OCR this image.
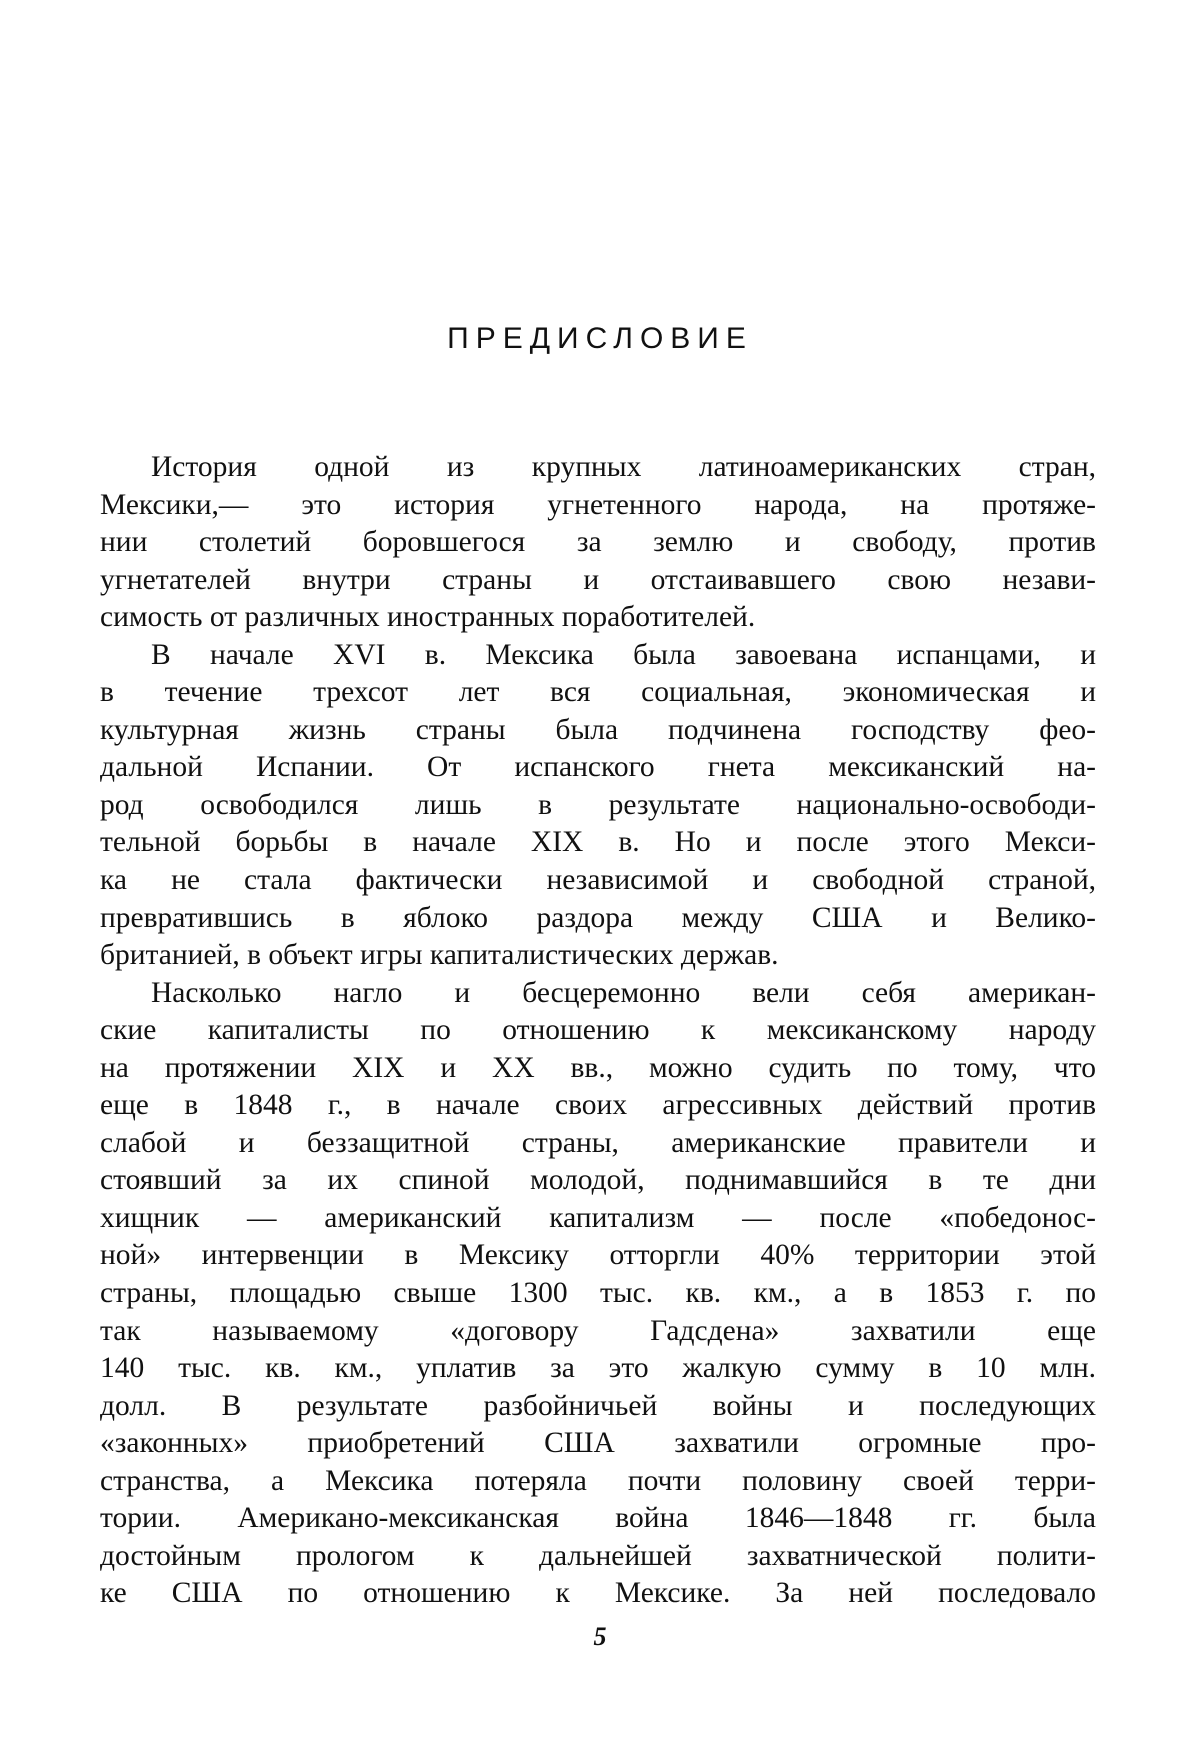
ПРЕДИСЛОВИЕ
История одной из крупных латиноамериканских стран,
Мексики,— это история угнетенного народа, на протяже-
нии столетий боровшегося за землю и свободу, против
угнетателей внутри страны и отстаивавшего свою незави-
симость от различных иностранных поработителей.
В начале XVI в. Мексика была завоевана испанцами, и
в течение трехсот лет вся социальная, экономическая и
культурная жизнь страны была подчинена господству фео-
дальной Испании. От испанского гнета мексиканский на-
род освободился лишь в результате национально-освободи-
тельной борьбы в начале XIX в. Но и после этого Мекси-
ка не стала фактически независимой и свободной страной,
превратившись в яблоко раздора между США и Велико-
британией, в объект игры капиталистических держав.
Насколько нагло и бесцеремонно вели себя американ-
ские капиталисты по отношению к мексиканскому народу
на протяжении XIX и XX вв., можно судить по тому, что
еще в 1848 г., в начале своих агрессивных действий против
слабой и беззащитной страны, американские правители и
стоявший за их спиной молодой, поднимавшийся в те дни
хищник — американский капитализм — после «победонос-
ной» интервенции в Мексику отторгли 40% территории этой
страны, площадью свыше 1300 тыс. кв. км., а в 1853 г. по
так называемому «договору Гадсдена» захватили еще
140 тыс. кв. км., уплатив за это жалкую сумму в 10 млн.
долл. В результате разбойничьей войны и последующих
«законных» приобретений США захватили огромные про-
странства, а Мексика потеряла почти половину своей терри-
тории. Американо-мексиканская война 1846—1848 гг. была
достойным прологом к дальнейшей захватнической полити-
ке США по отношению к Мексике. За ней последовало
5
